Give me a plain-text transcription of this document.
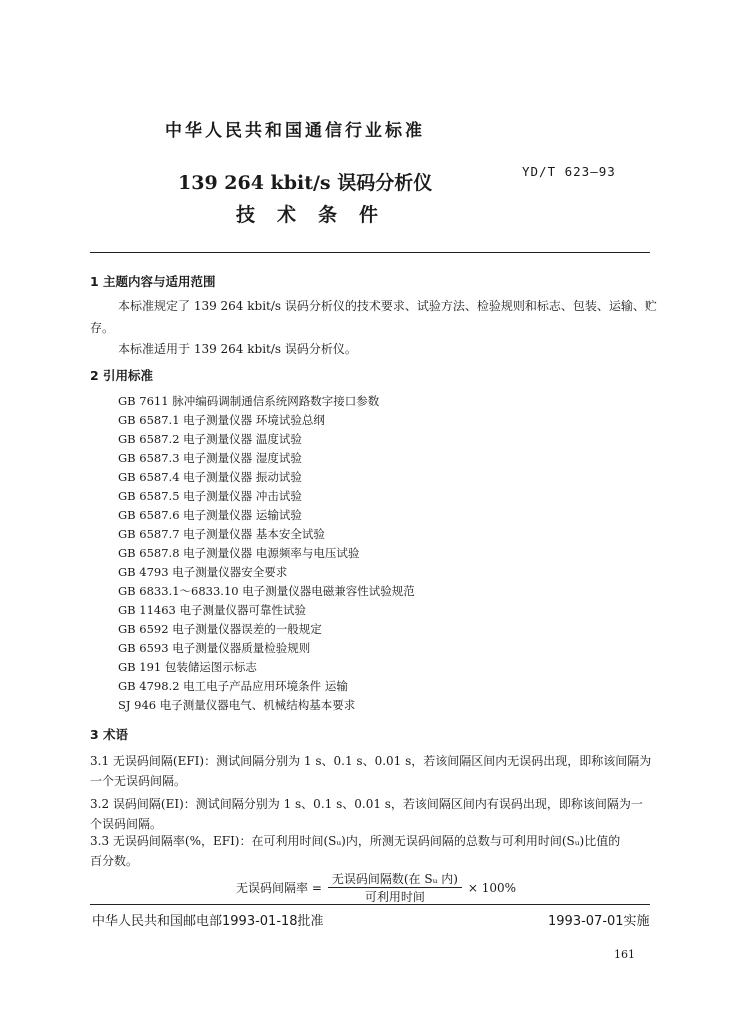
中华人民共和国通信行业标准
139 264 kbit/s 误码分析仪
技术条件
YD/T 623—93
1 主题内容与适用范围
本标准规定了 139 264 kbit/s 误码分析仪的技术要求、试验方法、检验规则和标志、包装、运输、贮
存。
本标准适用于 139 264 kbit/s 误码分析仪。
2 引用标准
GB 7611 脉冲编码调制通信系统网路数字接口参数
GB 6587.1 电子测量仪器 环境试验总纲
GB 6587.2 电子测量仪器 温度试验
GB 6587.3 电子测量仪器 湿度试验
GB 6587.4 电子测量仪器 振动试验
GB 6587.5 电子测量仪器 冲击试验
GB 6587.6 电子测量仪器 运输试验
GB 6587.7 电子测量仪器 基本安全试验
GB 6587.8 电子测量仪器 电源频率与电压试验
GB 4793 电子测量仪器安全要求
GB 6833.1～6833.10 电子测量仪器电磁兼容性试验规范
GB 11463 电子测量仪器可靠性试验
GB 6592 电子测量仪器误差的一般规定
GB 6593 电子测量仪器质量检验规则
GB 191 包装储运图示标志
GB 4798.2 电工电子产品应用环境条件 运输
SJ 946 电子测量仪器电气、机械结构基本要求
3 术语
3.1 无误码间隔(EFI)：测试间隔分别为 1 s、0.1 s、0.01 s，若该间隔区间内无误码出现，即称该间隔为
一个无误码间隔。
3.2 误码间隔(EI)：测试间隔分别为 1 s、0.1 s、0.01 s，若该间隔区间内有误码出现，即称该间隔为一
个误码间隔。
3.3 无误码间隔率(%，EFI)：在可利用时间(Sᵤ)内，所测无误码间隔的总数与可利用时间(Sᵤ)比值的
百分数。
无误码间隔率 = $\frac{\text{无误码间隔数(在 Sᵤ 内)}}{\text{可利用时间}} \times 100\%$
中华人民共和国邮电部1993-01-18批准	1993-07-01实施
161
